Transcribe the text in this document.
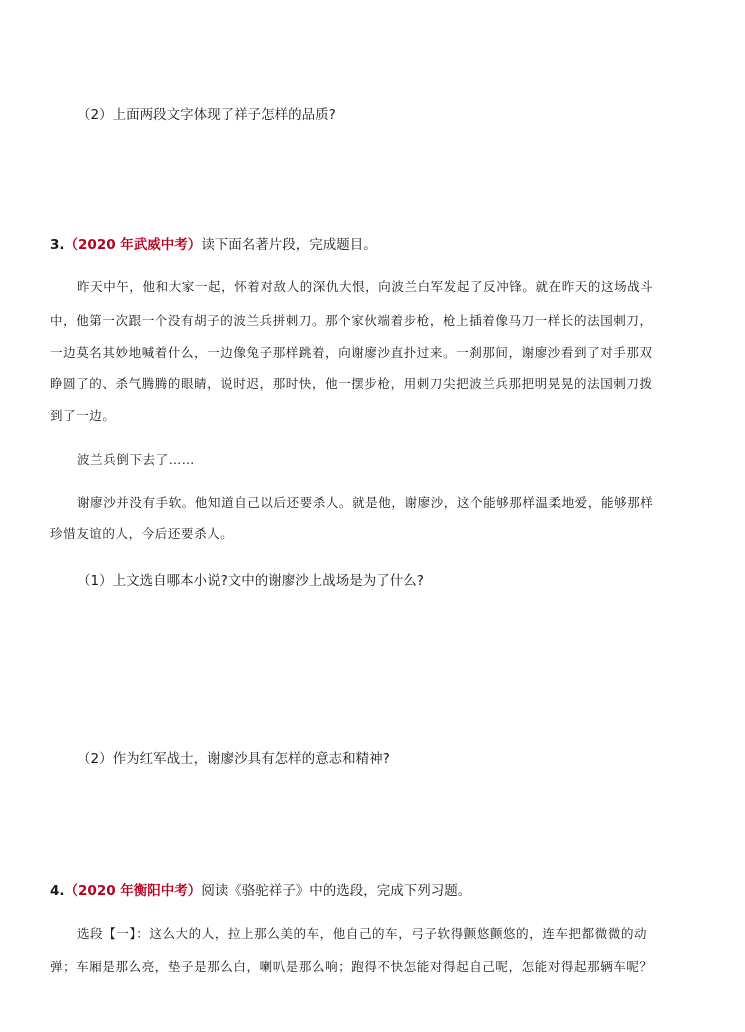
（2）上面两段文字体现了祥子怎样的品质?
3.（2020 年武威中考）读下面名著片段，完成题目。
昨天中午，他和大家一起，怀着对敌人的深仇大恨，向波兰白军发起了反冲锋。就在昨天的这场战斗
中，他第一次跟一个没有胡子的波兰兵拼刺刀。那个家伙端着步枪，枪上插着像马刀一样长的法国刺刀，
一边莫名其妙地喊着什么，一边像兔子那样跳着，向谢廖沙直扑过来。一刹那间，谢廖沙看到了对手那双
睁圆了的、杀气腾腾的眼睛，说时迟，那时快，他一摆步枪，用刺刀尖把波兰兵那把明晃晃的法国刺刀拨
到了一边。
波兰兵倒下去了……
谢廖沙并没有手软。他知道自己以后还要杀人。就是他，谢廖沙，这个能够那样温柔地爱，能够那样
珍惜友谊的人，今后还要杀人。
（1）上文选自哪本小说?文中的谢廖沙上战场是为了什么?
（2）作为红军战士，谢廖沙具有怎样的意志和精神?
4.（2020 年衡阳中考）阅读《骆驼祥子》中的选段，完成下列习题。
选段【一】：这么大的人，拉上那么美的车，他自己的车，弓子软得颤悠颤悠的，连车把都微微的动
弹；车厢是那么亮，垫子是那么白，喇叭是那么响；跑得不快怎能对得起自己呢，怎能对得起那辆车呢？
